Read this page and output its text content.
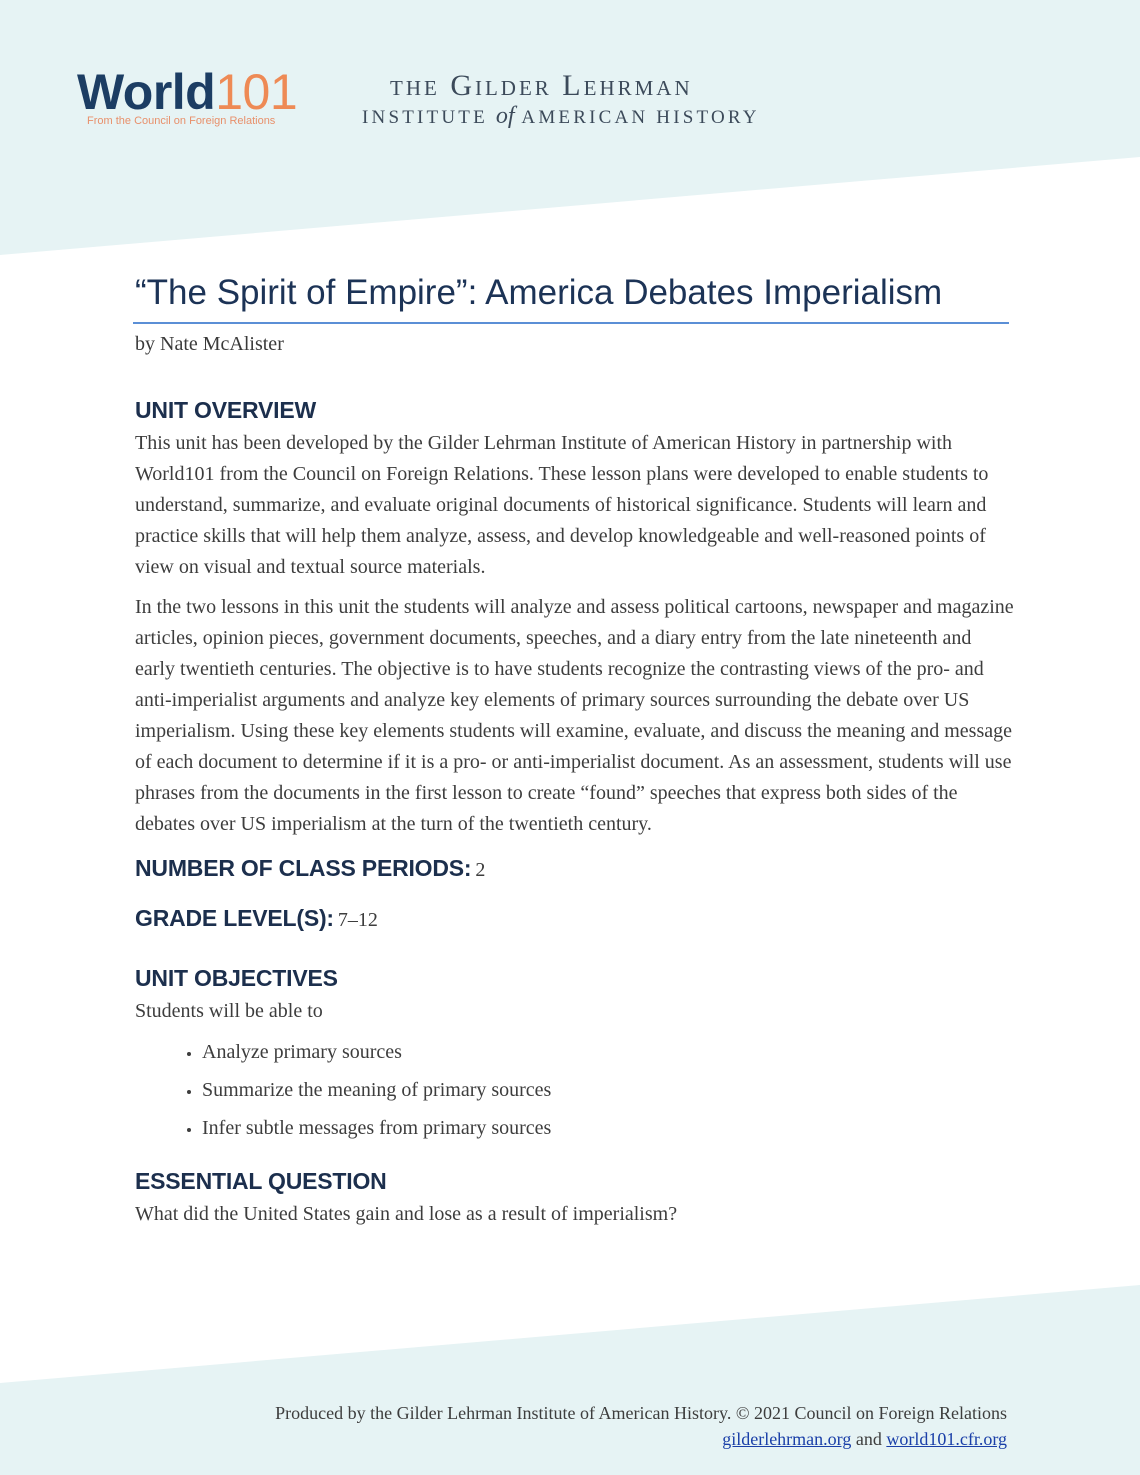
World101
From the Council on Foreign Relations
the Gilder Lehrman
INSTITUTE of AMERICAN HISTORY
“The Spirit of Empire”: America Debates Imperialism
by Nate McAlister
UNIT OVERVIEW

This unit has been developed by the Gilder Lehrman Institute of American History in partnership with World101 from the Council on Foreign Relations. These lesson plans were developed to enable students to understand, summarize, and evaluate original documents of historical significance. Students will learn and practice skills that will help them analyze, assess, and develop knowledgeable and well-reasoned points of view on visual and textual source materials.

In the two lessons in this unit the students will analyze and assess political cartoons, newspaper and magazine articles, opinion pieces, government documents, speeches, and a diary entry from the late nineteenth and early twentieth centuries. The objective is to have students recognize the contrasting views of the pro- and anti-imperialist arguments and analyze key elements of primary sources surrounding the debate over US imperialism. Using these key elements students will examine, evaluate, and discuss the meaning and message of each document to determine if it is a pro- or anti-imperialist document. As an assessment, students will use phrases from the documents in the first lesson to create “found” speeches that express both sides of the debates over US imperialism at the turn of the twentieth century.

NUMBER OF CLASS PERIODS: 2
GRADE LEVEL(S): 7–12
UNIT OBJECTIVES

Students will be able to

• Analyze primary sources
• Summarize the meaning of primary sources
• Infer subtle messages from primary sources
ESSENTIAL QUESTION

What did the United States gain and lose as a result of imperialism?

Produced by the Gilder Lehrman Institute of American History. © 2021 Council on Foreign Relations
gilderlehrman.org and world101.cfr.org
